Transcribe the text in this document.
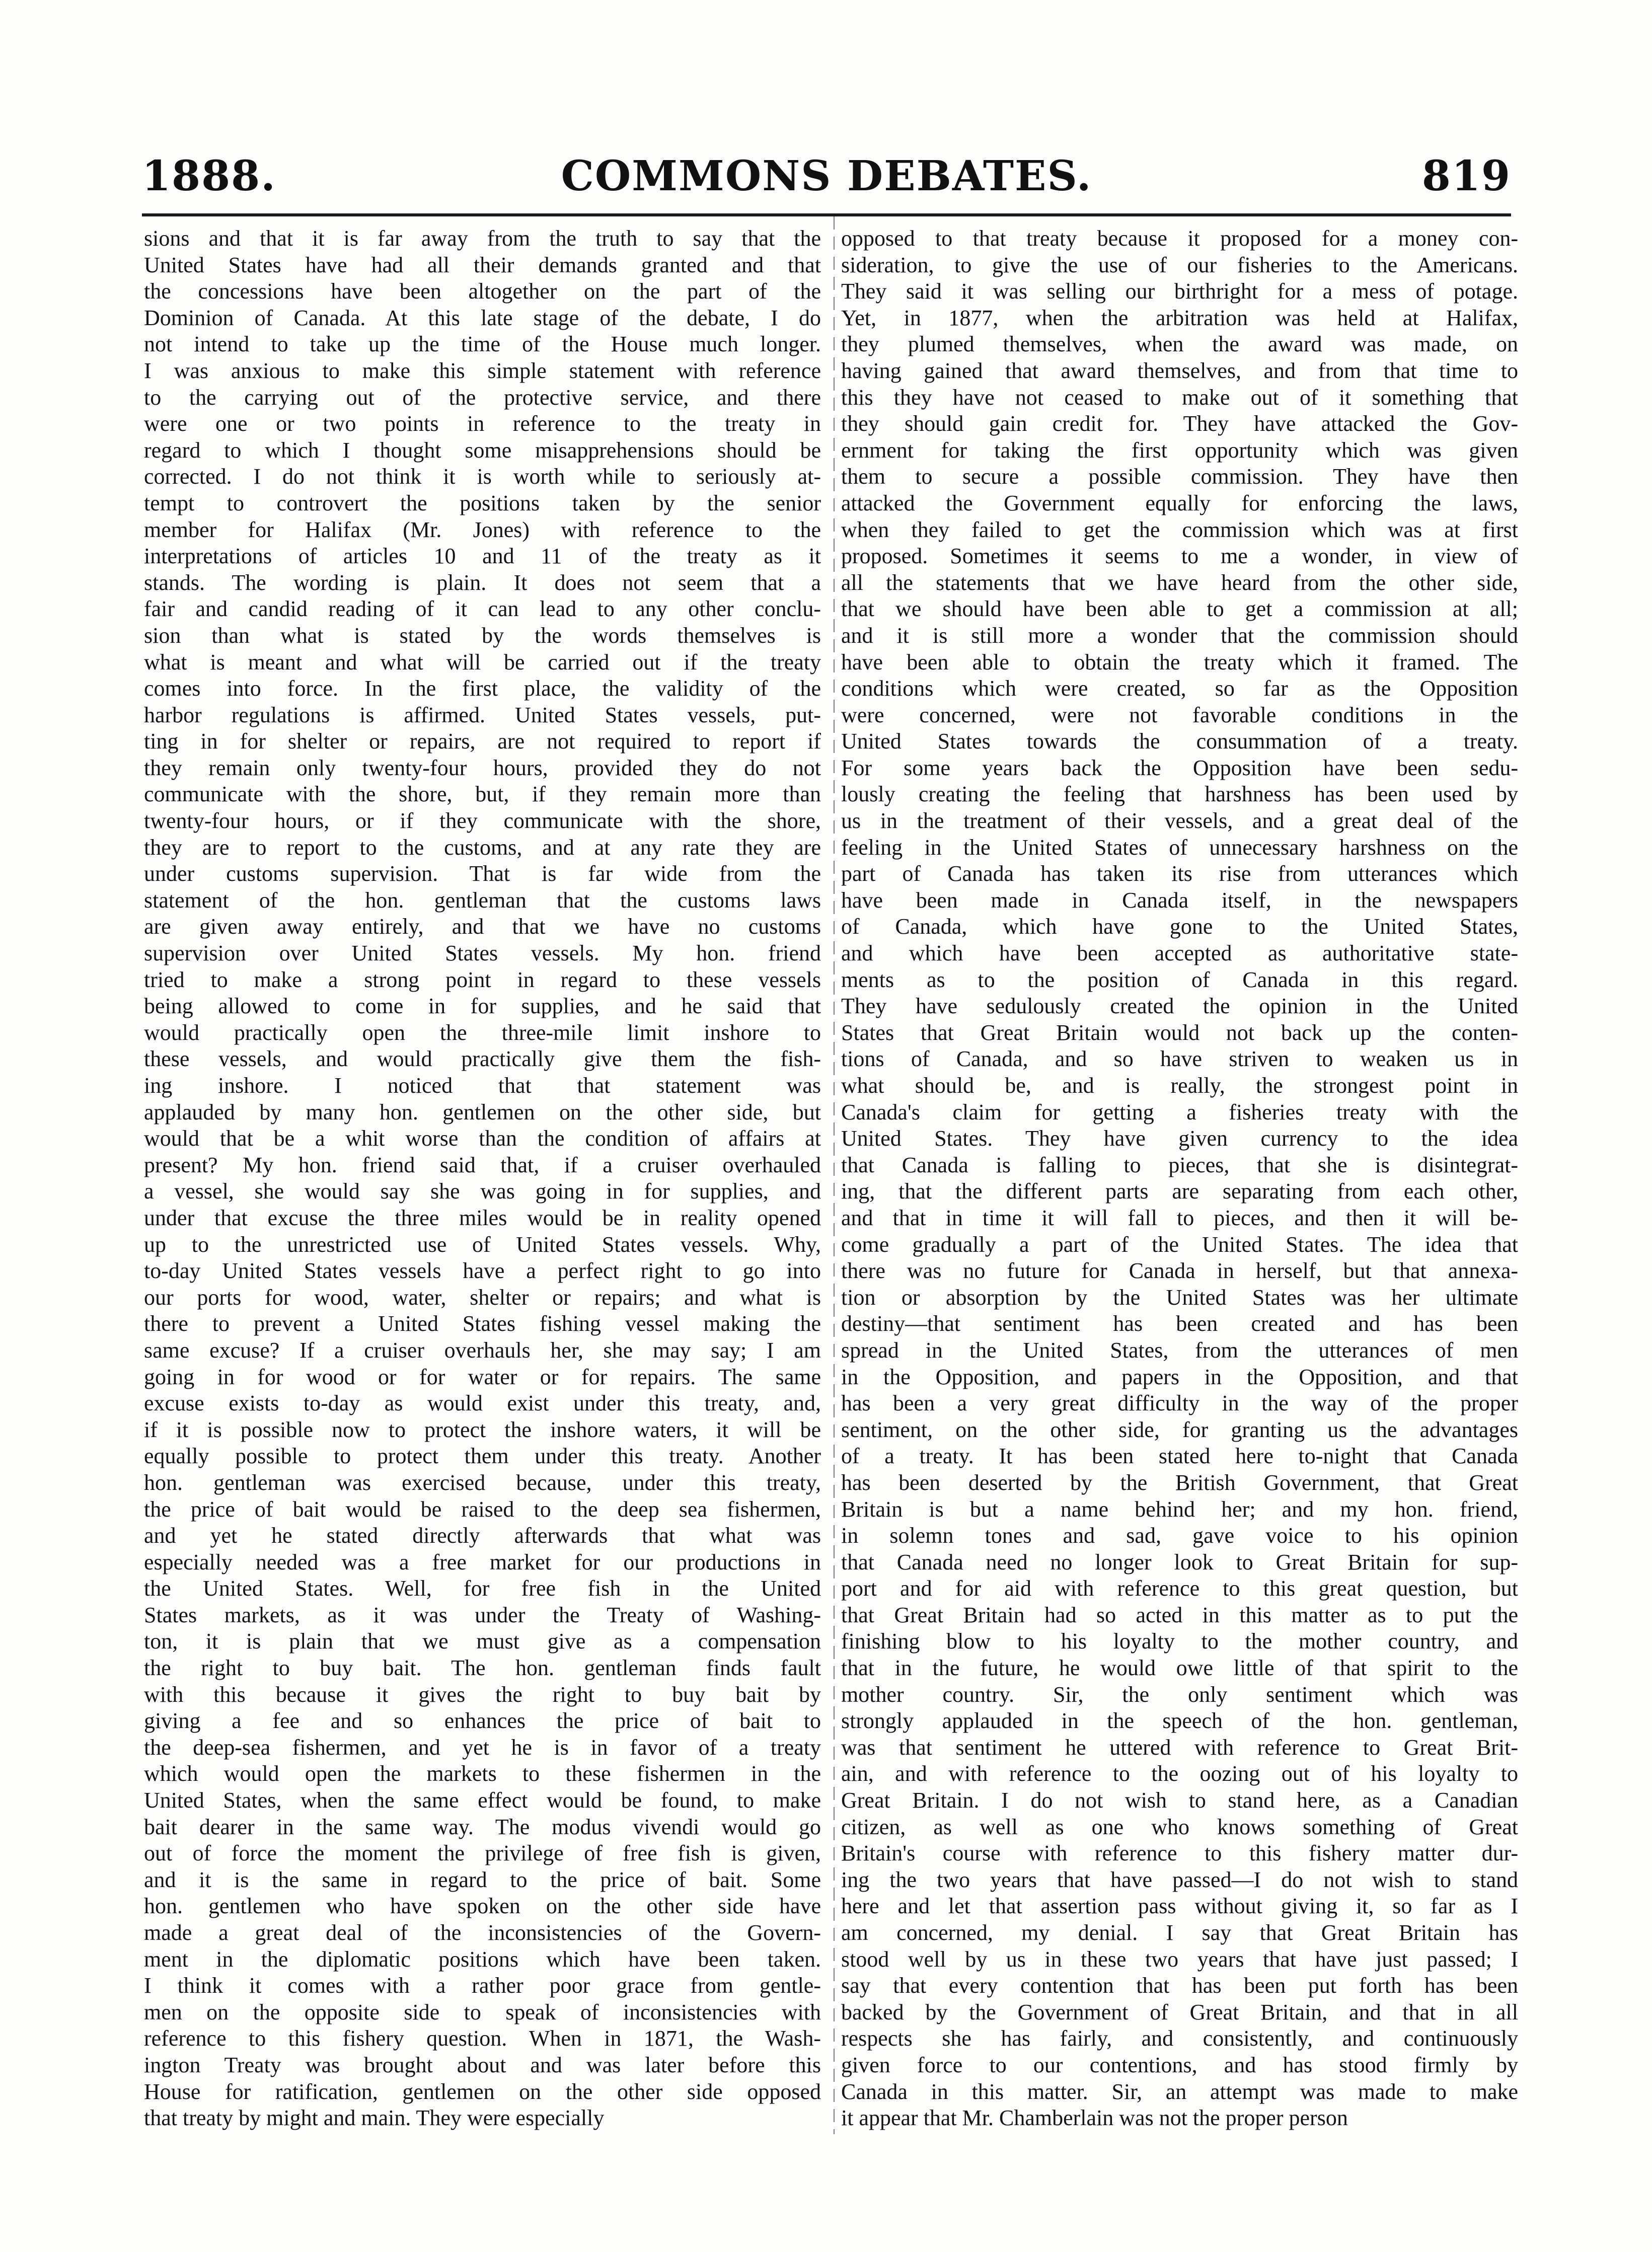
COMMONS DEBATES.
1888.	819
sions and that it is far away from the truth to say that the
United States have had all their demands granted and that
the concessions have been altogether on the part of the
Dominion of Canada. At this late stage of the debate, I do
not intend to take up the time of the House much longer.
I was anxious to make this simple statement with reference
to the carrying out of the protective service, and there
were one or two points in reference to the treaty in
regard to which I thought some misapprehensions should be
corrected. I do not think it is worth while to seriously at-
tempt to controvert the positions taken by the senior
member for Halifax (Mr. Jones) with reference to the
interpretations of articles 10 and 11 of the treaty as it
stands. The wording is plain. It does not seem that a
fair and candid reading of it can lead to any other conclu-
sion than what is stated by the words themselves is
what is meant and what will be carried out if the treaty
comes into force. In the first place, the validity of the
harbor regulations is affirmed. United States vessels, put-
ting in for shelter or repairs, are not required to report if
they remain only twenty-four hours, provided they do not
communicate with the shore, but, if they remain more than
twenty-four hours, or if they communicate with the shore,
they are to report to the customs, and at any rate they are
under customs supervision. That is far wide from the
statement of the hon. gentleman that the customs laws
are given away entirely, and that we have no customs
supervision over United States vessels. My hon. friend
tried to make a strong point in regard to these vessels
being allowed to come in for supplies, and he said that
would practically open the three-mile limit inshore to
these vessels, and would practically give them the fish-
ing inshore. I noticed that that statement was
applauded by many hon. gentlemen on the other side, but
would that be a whit worse than the condition of affairs at
present? My hon. friend said that, if a cruiser overhauled
a vessel, she would say she was going in for supplies, and
under that excuse the three miles would be in reality opened
up to the unrestricted use of United States vessels. Why,
to-day United States vessels have a perfect right to go into
our ports for wood, water, shelter or repairs; and what is
there to prevent a United States fishing vessel making the
same excuse? If a cruiser overhauls her, she may say; I am
going in for wood or for water or for repairs. The same
excuse exists to-day as would exist under this treaty, and,
if it is possible now to protect the inshore waters, it will be
equally possible to protect them under this treaty. Another
hon. gentleman was exercised because, under this treaty,
the price of bait would be raised to the deep sea fishermen,
and yet he stated directly afterwards that what was
especially needed was a free market for our productions in
the United States. Well, for free fish in the United
States markets, as it was under the Treaty of Washing-
ton, it is plain that we must give as a compensation
the right to buy bait. The hon. gentleman finds fault
with this because it gives the right to buy bait by
giving a fee and so enhances the price of bait to
the deep-sea fishermen, and yet he is in favor of a treaty
which would open the markets to these fishermen in the
United States, when the same effect would be found, to make
bait dearer in the same way. The modus vivendi would go
out of force the moment the privilege of free fish is given,
and it is the same in regard to the price of bait. Some
hon. gentlemen who have spoken on the other side have
made a great deal of the inconsistencies of the Govern-
ment in the diplomatic positions which have been taken.
I think it comes with a rather poor grace from gentle-
men on the opposite side to speak of inconsistencies with
reference to this fishery question. When in 1871, the Wash-
ington Treaty was brought about and was later before this
House for ratification, gentlemen on the other side opposed
that treaty by might and main. They were especially
opposed to that treaty because it proposed for a money con-
sideration, to give the use of our fisheries to the Americans.
They said it was selling our birthright for a mess of potage.
Yet, in 1877, when the arbitration was held at Halifax,
they plumed themselves, when the award was made, on
having gained that award themselves, and from that time to
this they have not ceased to make out of it something that
they should gain credit for. They have attacked the Gov-
ernment for taking the first opportunity which was given
them to secure a possible commission. They have then
attacked the Government equally for enforcing the laws,
when they failed to get the commission which was at first
proposed. Sometimes it seems to me a wonder, in view of
all the statements that we have heard from the other side,
that we should have been able to get a commission at all;
and it is still more a wonder that the commission should
have been able to obtain the treaty which it framed. The
conditions which were created, so far as the Opposition
were concerned, were not favorable conditions in the
United States towards the consummation of a treaty.
For some years back the Opposition have been sedu-
lously creating the feeling that harshness has been used by
us in the treatment of their vessels, and a great deal of the
feeling in the United States of unnecessary harshness on the
part of Canada has taken its rise from utterances which
have been made in Canada itself, in the newspapers
of Canada, which have gone to the United States,
and which have been accepted as authoritative state-
ments as to the position of Canada in this regard.
They have sedulously created the opinion in the United
States that Great Britain would not back up the conten-
tions of Canada, and so have striven to weaken us in
what should be, and is really, the strongest point in
Canada's claim for getting a fisheries treaty with the
United States. They have given currency to the idea
that Canada is falling to pieces, that she is disintegrat-
ing, that the different parts are separating from each other,
and that in time it will fall to pieces, and then it will be-
come gradually a part of the United States. The idea that
there was no future for Canada in herself, but that annexa-
tion or absorption by the United States was her ultimate
destiny—that sentiment has been created and has been
spread in the United States, from the utterances of men
in the Opposition, and papers in the Opposition, and that
has been a very great difficulty in the way of the proper
sentiment, on the other side, for granting us the advantages
of a treaty. It has been stated here to-night that Canada
has been deserted by the British Government, that Great
Britain is but a name behind her; and my hon. friend,
in solemn tones and sad, gave voice to his opinion
that Canada need no longer look to Great Britain for sup-
port and for aid with reference to this great question, but
that Great Britain had so acted in this matter as to put the
finishing blow to his loyalty to the mother country, and
that in the future, he would owe little of that spirit to the
mother country. Sir, the only sentiment which was
strongly applauded in the speech of the hon. gentleman,
was that sentiment he uttered with reference to Great Brit-
ain, and with reference to the oozing out of his loyalty to
Great Britain. I do not wish to stand here, as a Canadian
citizen, as well as one who knows something of Great
Britain's course with reference to this fishery matter dur-
ing the two years that have passed—I do not wish to stand
here and let that assertion pass without giving it, so far as I
am concerned, my denial. I say that Great Britain has
stood well by us in these two years that have just passed; I
say that every contention that has been put forth has been
backed by the Government of Great Britain, and that in all
respects she has fairly, and consistently, and continuously
given force to our contentions, and has stood firmly by
Canada in this matter. Sir, an attempt was made to make
it appear that Mr. Chamberlain was not the proper person
